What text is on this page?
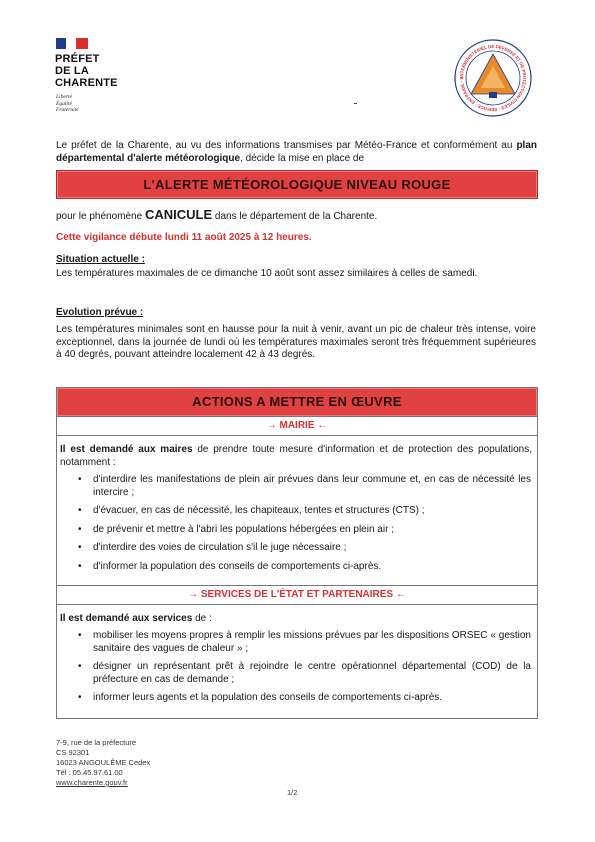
PRÉFET
DE LA
CHARENTE
Liberté
Égalité
Fraternité
INTERMINISTÉRIEL DE DÉFENSE ET DE PROTECTION CIVILES · SERVICE · ENTRAIDE · S
Le préfet de la Charente, au vu des informations transmises par Météo-France et conformément au plan départemental d'alerte météorologique, décide la mise en place de
L'ALERTE MÉTÉOROLOGIQUE NIVEAU ROUGE
pour le phénomène CANICULE dans le département de la Charente.
Cette vigilance débute lundi 11 août 2025 à 12 heures.
Situation actuelle :
Les températures maximales de ce dimanche 10 août sont assez similaires à celles de samedi.
Evolution prévue :
Les températures minimales sont en hausse pour la nuit à venir, avant un pic de chaleur très intense, voire exceptionnel, dans la journée de lundi où les températures maximales seront très fréquemment supérieures à 40 degrés, pouvant atteindre localement 42 à 43 degrés.
ACTIONS A METTRE EN ŒUVRE
→ MAIRIE ←
Il est demandé aux maires de prendre toute mesure d'information et de protection des populations, notamment :
• d'interdire les manifestations de plein air prévues dans leur commune et, en cas de nécessité les intercire ;
• d'évacuer, en cas de nécessité, les chapiteaux, tentes et structures (CTS) ;
• de prévenir et mettre à l'abri les populations hébergées en plein air ;
• d'interdire des voies de circulation s'il le juge nécessaire ;
• d'informer la population des conseils de comportements ci-après.
→ SERVICES DE L'ÉTAT ET PARTENAIRES ←
Il est demandé aux services de :
• mobiliser les moyens propres à remplir les missions prévues par les dispositions ORSEC « gestion sanitaire des vagues de chaleur » ;
• désigner un représentant prêt à rejoindre le centre opérationnel départemental (COD) de la préfecture en cas de demande ;
• informer leurs agents et la population des conseils de comportements ci-après.
7-9, rue de la préfecture
CS 92301
16023 ANGOULÊME Cedex
Tél : 05.45.97.61.00
www.charente.gouv.fr
1/2
